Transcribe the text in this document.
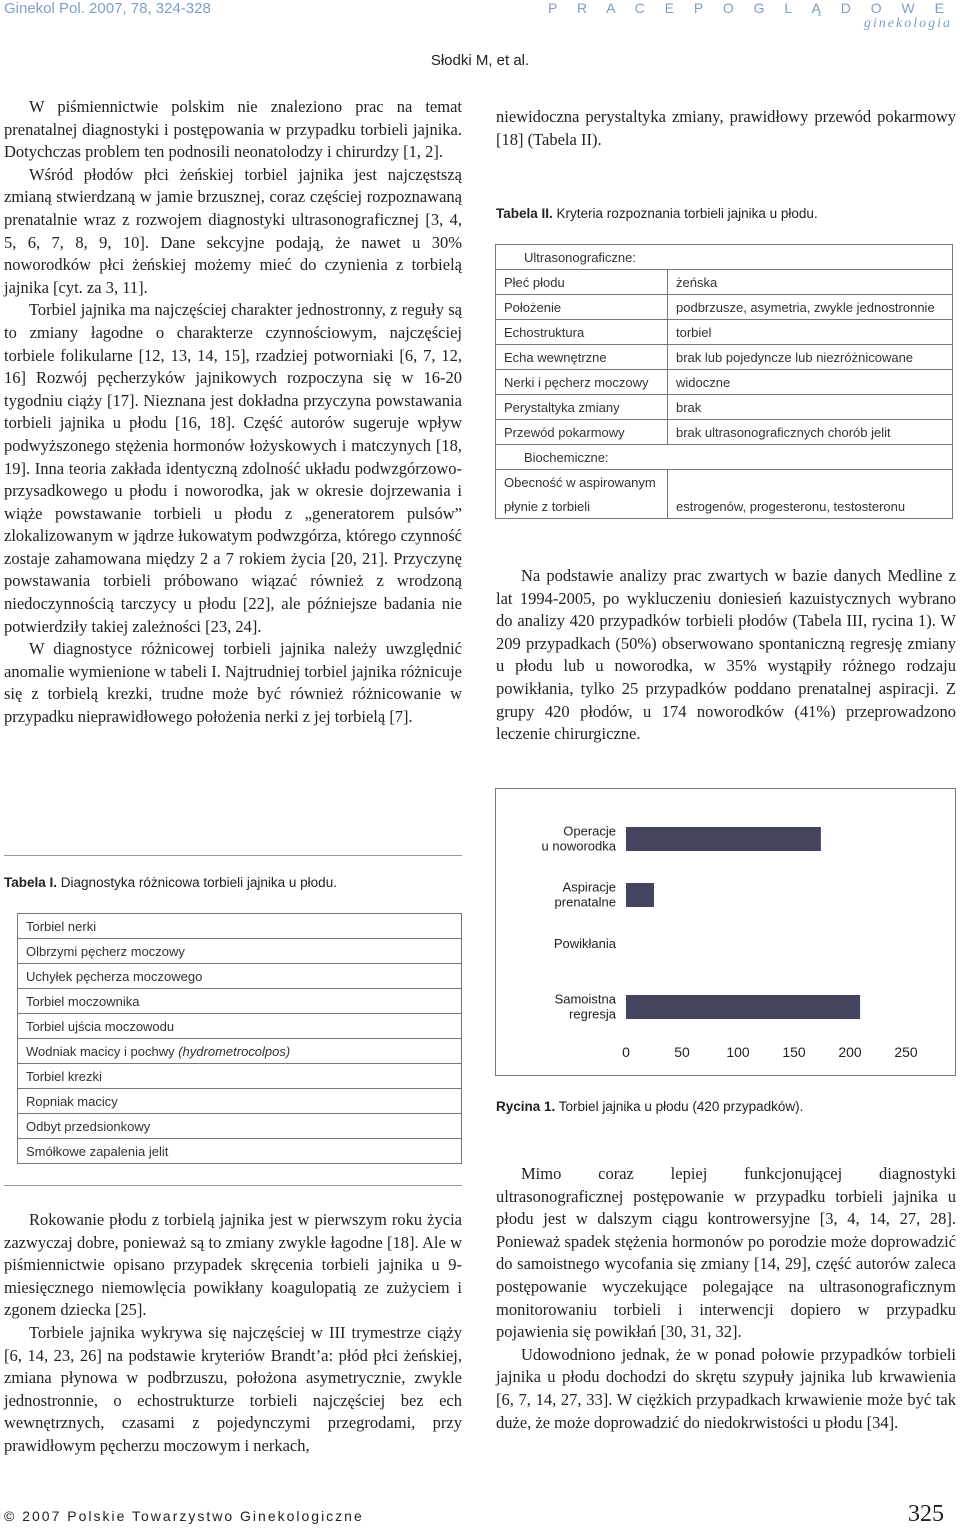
Ginekol Pol. 2007, 78, 324-328	P R A C E P O G L Ą D O W E
ginekologia
Słodki M, et al.

W piśmiennictwie polskim nie znaleziono prac na temat prenatalnej diagnostyki i postępowania w przypadku torbieli jajnika. Dotychczas problem ten podnosili neonatolodzy i chirurdzy [1, 2].

Wśród płodów płci żeńskiej torbiel jajnika jest najczęstszą zmianą stwierdzaną w jamie brzusznej, coraz częściej rozpoznawaną prenatalnie wraz z rozwojem diagnostyki ultrasonograficznej [3, 4, 5, 6, 7, 8, 9, 10]. Dane sekcyjne podają, że nawet u 30% noworodków płci żeńskiej możemy mieć do czynienia z torbielą jajnika [cyt. za 3, 11].

Torbiel jajnika ma najczęściej charakter jednostronny, z reguły są to zmiany łagodne o charakterze czynnościowym, najczęściej torbiele folikularne [12, 13, 14, 15], rzadziej potworniaki [6, 7, 12, 16] Rozwój pęcherzyków jajnikowych rozpoczyna się w 16-20 tygodniu ciąży [17]. Nieznana jest dokładna przyczyna powstawania torbieli jajnika u płodu [16, 18]. Część autorów sugeruje wpływ podwyższonego stężenia hormonów łożyskowych i matczynych [18, 19]. Inna teoria zakłada identyczną zdolność układu podwzgórzowo-przysadkowego u płodu i noworodka, jak w okresie dojrzewania i wiąże powstawanie torbieli u płodu z „generatorem pulsów” zlokalizowanym w jądrze łukowatym podwzgórza, którego czynność zostaje zahamowana między 2 a 7 rokiem życia [20, 21]. Przyczynę powstawania torbieli próbowano wiązać również z wrodzoną niedoczynnością tarczycy u płodu [22], ale późniejsze badania nie potwierdziły takiej zależności [23, 24].

W diagnostyce różnicowej torbieli jajnika należy uwzględnić anomalie wymienione w tabeli I. Najtrudniej torbiel jajnika różnicuje się z torbielą krezki, trudne może być również różnicowanie w przypadku nieprawidłowego położenia nerki z jej torbielą [7].

Tabela I. Diagnostyka różnicowa torbieli jajnika u płodu.
Torbiel nerki
Olbrzymi pęcherz moczowy
Uchyłek pęcherza moczowego
Torbiel moczownika
Torbiel ujścia moczowodu
Wodniak macicy i pochwy (hydrometrocolpos)
Torbiel krezki
Ropniak macicy
Odbyt przedsionkowy
Smółkowe zapalenia jelit

Rokowanie płodu z torbielą jajnika jest w pierwszym roku życia zazwyczaj dobre, ponieważ są to zmiany zwykle łagodne [18]. Ale w piśmiennictwie opisano przypadek skręcenia torbieli jajnika u 9-miesięcznego niemowlęcia powikłany koagulopatią ze zużyciem i zgonem dziecka [25].

Torbiele jajnika wykrywa się najczęściej w III trymestrze ciąży [6, 14, 23, 26] na podstawie kryteriów Brandt’a: płód płci żeńskiej, zmiana płynowa w podbrzuszu, położona asymetrycznie, zwykle jednostronnie, o echostrukturze torbieli najczęściej bez ech wewnętrznych, czasami z pojedynczymi przegrodami, przy prawidłowym pęcherzu moczowym i nerkach,

niewidoczna perystaltyka zmiany, prawidłowy przewód pokarmowy [18] (Tabela II).

Tabela II. Kryteria rozpoznania torbieli jajnika u płodu.
Ultrasonograficzne:	
Płeć płodu	żeńska
Położenie	podbrzusze, asymetria, zwykle jednostronnie
Echostruktura	torbiel
Echa wewnętrzne	brak lub pojedyncze lub niezróżnicowane
Nerki i pęcherz moczowy	widoczne
Perystaltyka zmiany	brak
Przewód pokarmowy	brak ultrasonograficznych chorób jelit
Biochemiczne:	
Obecność w aspirowanym	
płynie z torbieli	estrogenów, progesteronu, testosteronu

Na podstawie analizy prac zwartych w bazie danych Medline z lat 1994-2005, po wykluczeniu doniesień kazuistycznych wybrano do analizy 420 przypadków torbieli płodów (Tabela III, rycina 1). W 209 przypadkach (50%) obserwowano spontaniczną regresję zmiany u płodu lub u noworodka, w 35% wystąpiły różnego rodzaju powikłania, tylko 25 przypadków poddano prenatalnej aspiracji. Z grupy 420 płodów, u 174 noworodków (41%) przeprowadzono leczenie chirurgiczne.

Operacje u noworodka
Aspiracje prenatalne
Powikłania
Samoistna regresja
0	50	100 150 200 250
Rycina 1. Torbiel jajnika u płodu (420 przypadków).

Mimo coraz lepiej funkcjonującej diagnostyki ultrasonograficznej postępowanie w przypadku torbieli jajnika u płodu jest w dalszym ciągu kontrowersyjne [3, 4, 14, 27, 28]. Ponieważ spadek stężenia hormonów po porodzie może doprowadzić do samoistnego wycofania się zmiany [14, 29], część autorów zaleca postępowanie wyczekujące polegające na ultrasonograficznym monitorowaniu torbieli i interwencji dopiero w przypadku pojawienia się powikłań [30, 31, 32].

Udowodniono jednak, że w ponad połowie przypadków torbieli jajnika u płodu dochodzi do skrętu szypuły jajnika lub krwawienia [6, 7, 14, 27, 33]. W ciężkich przypadkach krwawienie może być tak duże, że może doprowadzić do niedokrwistości u płodu [34].

© 2007 Polskie Towarzystwo Ginekologiczne	325
